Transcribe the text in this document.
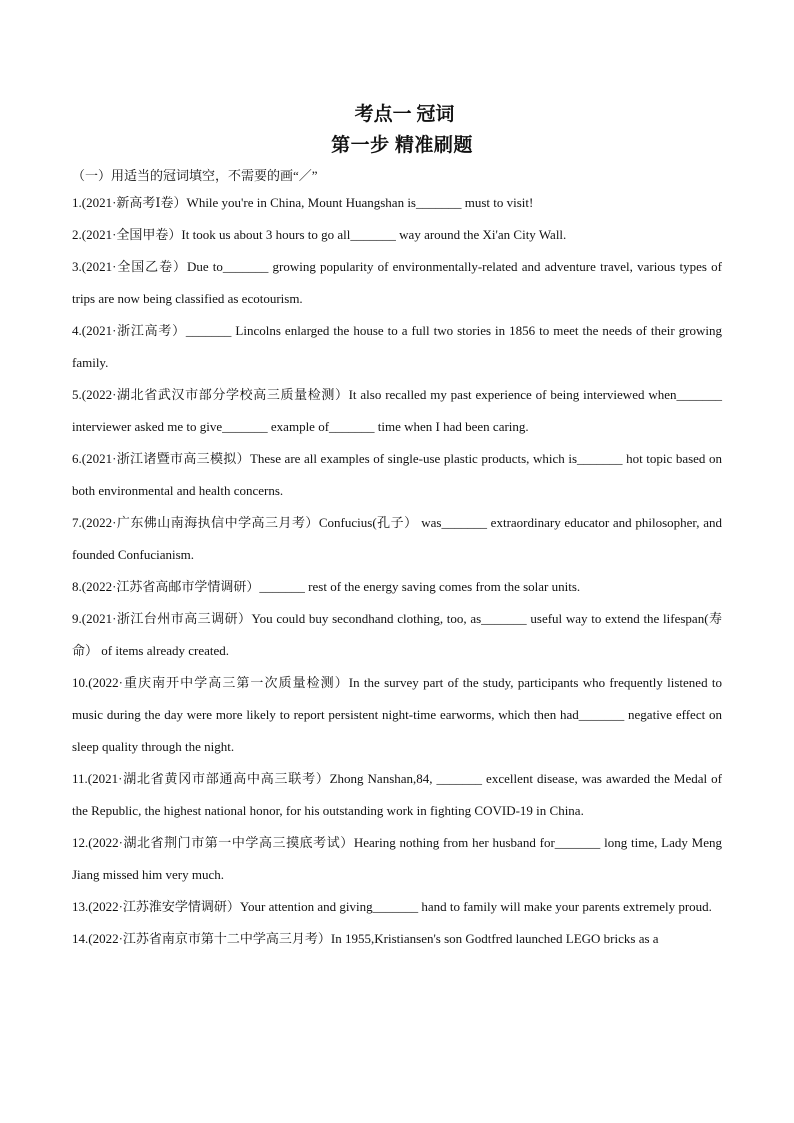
考点一 冠词
第一步 精准刷题
（一）用适当的冠词填空，不需要的画“／”

1.(2021·新高考Ⅰ卷）While you're in China, Mount Huangshan is_______ must to visit!

2.(2021·全国甲卷）It took us about 3 hours to go all_______ way around the Xi'an City Wall.

3.(2021·全国乙卷）Due to_______ growing popularity of environmentally-related and adventure travel, various types of trips are now being classified as ecotourism.

4.(2021·浙江高考）_______ Lincolns enlarged the house to a full two stories in 1856 to meet the needs of their growing family.

5.(2022·湖北省武汉市部分学校高三质量检测）It also recalled my past experience of being interviewed when_______ interviewer asked me to give_______ example of_______ time when I had been caring.

6.(2021·浙江诸暨市高三模拟）These are all examples of single-use plastic products, which is_______ hot topic based on both environmental and health concerns.

7.(2022·广东佛山南海执信中学高三月考）Confucius(孔子） was_______ extraordinary educator and philosopher, and founded Confucianism.

8.(2022·江苏省高邮市学情调研）_______ rest of the energy saving comes from the solar units.

9.(2021·浙江台州市高三调研）You could buy secondhand clothing, too, as_______ useful way to extend the lifespan(寿命） of items already created.

10.(2022·重庆南开中学高三第一次质量检测）In the survey part of the study, participants who frequently listened to music during the day were more likely to report persistent night-time earworms, which then had_______ negative effect on sleep quality through the night.

11.(2021·湖北省黄冈市部通高中高三联考）Zhong Nanshan,84, _______ excellent disease, was awarded the Medal of the Republic, the highest national honor, for his outstanding work in fighting COVID-19 in China.

12.(2022·湖北省荆门市第一中学高三摸底考试）Hearing nothing from her husband for_______ long time, Lady Meng Jiang missed him very much.

13.(2022·江苏淮安学情调研）Your attention and giving_______ hand to family will make your parents extremely proud.

14.(2022·江苏省南京市第十二中学高三月考）In 1955,Kristiansen's son Godtfred launched LEGO bricks as a
